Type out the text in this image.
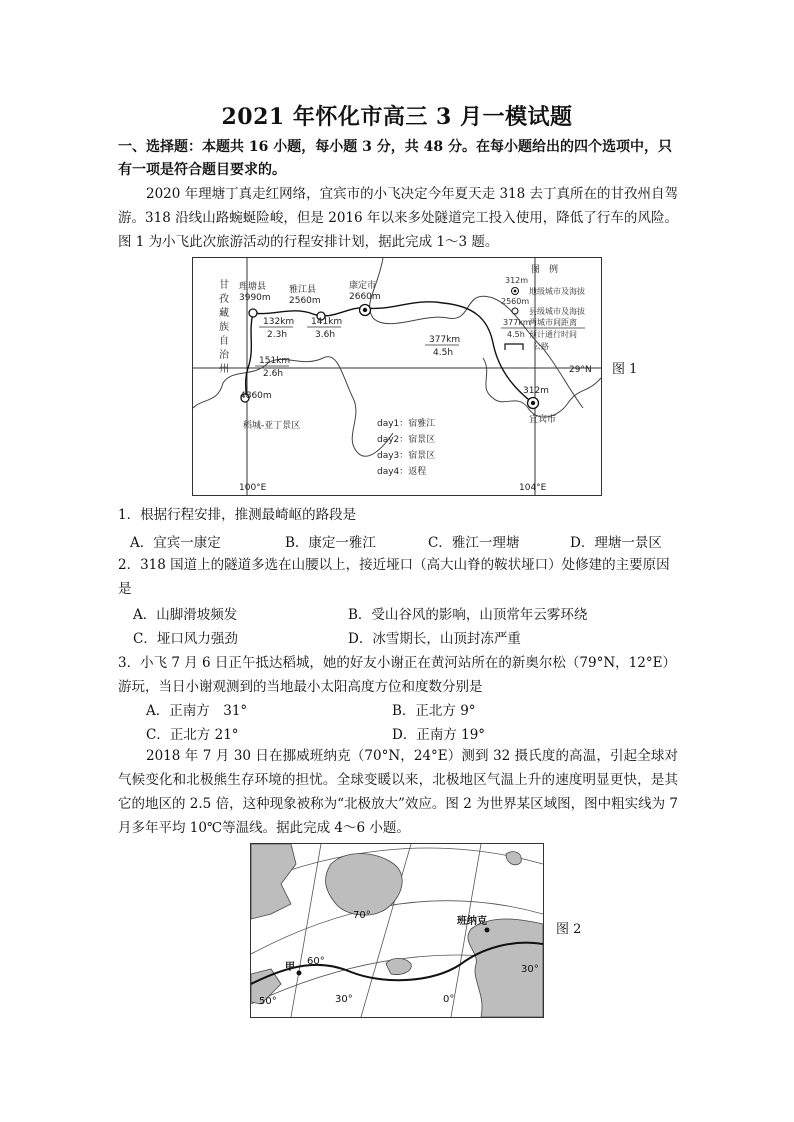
2021 年怀化市高三 3 月一模试题
一、选择题：本题共 16 小题，每小题 3 分，共 48 分。在每小题给出的四个选项中，只有一项是符合题目要求的。
2020 年理塘丁真走红网络，宜宾市的小飞决定今年夏天走 318 去丁真所在的甘孜州自驾游。318 沿线山路蜿蜒险峻，但是 2016 年以来多处隧道完工投入使用，降低了行车的风险。图 1 为小飞此次旅游活动的行程安排计划，据此完成 1～3 题。
甘
孜
藏
族
自
治
州
理塘县
3990m
雅江县
2560m
康定市
2660m
4860m
稻城-亚丁景区
312m
宜宾市
132km
2.3h
141km
3.6h	377km
4.5h
151km
2.6h
图　例
312m
地级城市及海拔
2560m
县级城市及海拔
377km
两城市间距离
4.5h 预计通行时间
公路
day1：宿雅江
day2：宿景区
day3：宿景区
day4：返程
29°N
100°E	104°E
图 1
1．根据行程安排，推测最崎岖的路段是
A．宜宾一康定	B．康定一雅江	C．雅江一理塘	D．理塘一景区
2．318 国道上的隧道多选在山腰以上，接近垭口（高大山脊的鞍状垭口）处修建的主要原因是
A．山脚滑坡频发	B．受山谷风的影响，山顶常年云雾环绕
C．垭口风力强劲	D．冰雪期长，山顶封冻严重
3．小飞 7 月 6 日正午抵达稻城，她的好友小谢正在黄河站所在的新奥尔松（79°N，12°E）游玩，当日小谢观测到的当地最小太阳高度方位和度数分别是
A．正南方　31°	B．正北方 9°
C．正北方 21°	D．正南方 19°
2018 年 7 月 30 日在挪威班纳克（70°N，24°E）测到 32 摄氏度的高温，引起全球对气候变化和北极熊生存环境的担忧。全球变暖以来，北极地区气温上升的速度明显更快，是其它的地区的 2.5 倍，这种现象被称为“北极放大”效应。图 2 为世界某区域图，图中粗实线为 7 月多年平均 10℃等温线。据此完成 4～6 小题。
班纳克
甲
70°
60°
50°	30°	0°
30°
图 2
